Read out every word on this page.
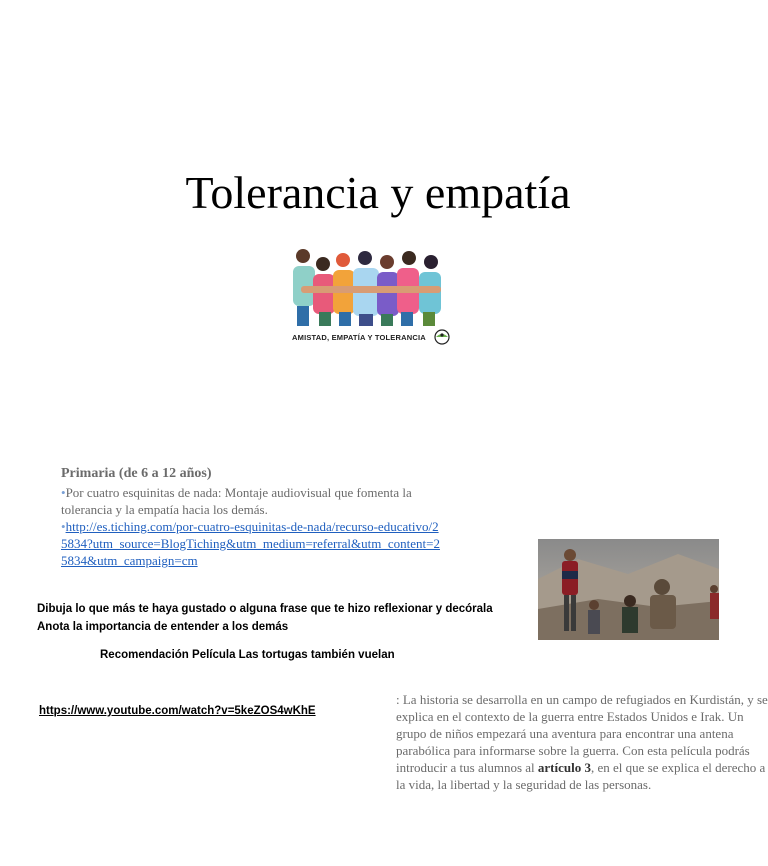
Tolerancia y empatía
AMISTAD, EMPATÍA Y TOLERANCIA
Primaria (de 6 a 12 años)
•Por cuatro esquinitas de nada: Montaje audiovisual que fomenta la tolerancia y la empatía hacia los demás.
•http://es.tiching.com/por-cuatro-esquinitas-de-nada/recurso-educativo/25834?utm_source=BlogTiching&utm_medium=referral&utm_content=25834&utm_campaign=cm
Dibuja lo que más te haya gustado o alguna frase que te hizo reflexionar y decórala
Anota la importancia de entender a los demás
Recomendación Película Las tortugas también vuelan
https://www.youtube.com/watch?v=5keZOS4wKhE
: La historia se desarrolla en un campo de refugiados en Kurdistán, y se explica en el contexto de la guerra entre Estados Unidos e Irak. Un grupo de niños empezará una aventura para encontrar una antena parabólica para informarse sobre la guerra. Con esta película podrás introducir a tus alumnos al artículo 3, en el que se explica el derecho a la vida, la libertad y la seguridad de las personas.
